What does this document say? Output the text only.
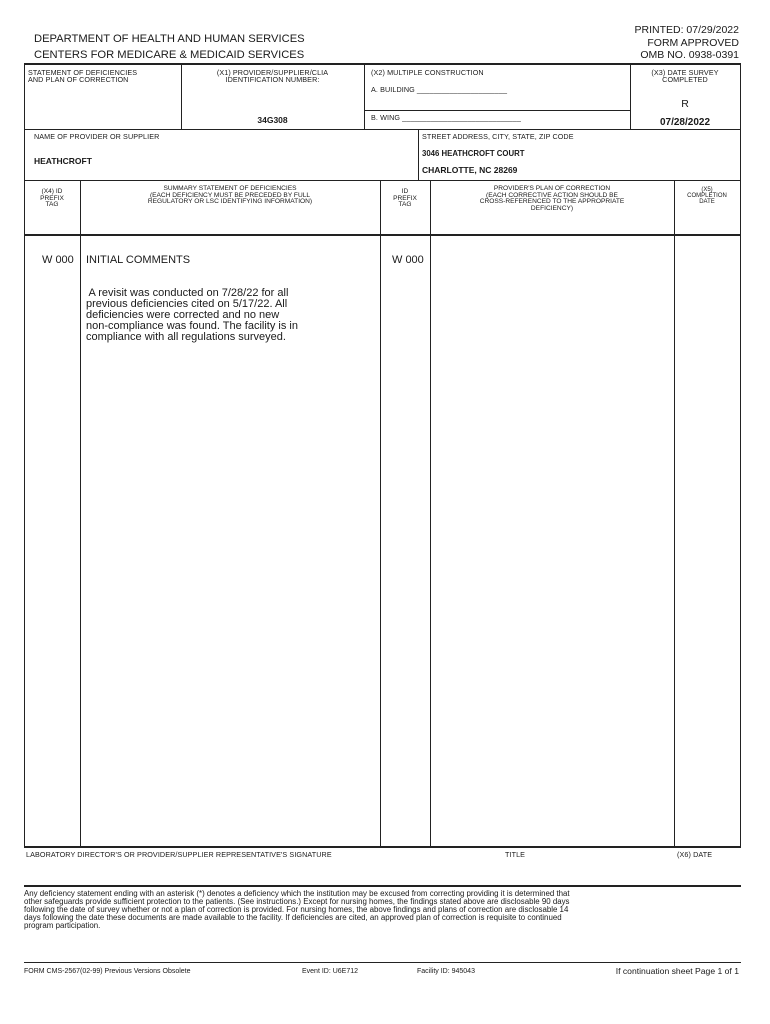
DEPARTMENT OF HEALTH AND HUMAN SERVICES
CENTERS FOR MEDICARE & MEDICAID SERVICES
PRINTED: 07/29/2022
FORM APPROVED
OMB NO. 0938-0391
STATEMENT OF DEFICIENCIES
AND PLAN OF CORRECTION
(X1) PROVIDER/SUPPLIER/CLIA
IDENTIFICATION NUMBER:
34G308
(X2) MULTIPLE CONSTRUCTION
A. BUILDING ______________________
B. WING _____________________________
(X3) DATE SURVEY
COMPLETED
R
07/28/2022
NAME OF PROVIDER OR SUPPLIER
HEATHCROFT
STREET ADDRESS, CITY, STATE, ZIP CODE
3046 HEATHCROFT COURT
CHARLOTTE, NC 28269
(X4) ID
PREFIX
TAG
SUMMARY STATEMENT OF DEFICIENCIES
(EACH DEFICIENCY MUST BE PRECEDED BY FULL
REGULATORY OR LSC IDENTIFYING INFORMATION)
ID
PREFIX
TAG
PROVIDER'S PLAN OF CORRECTION
(EACH CORRECTIVE ACTION SHOULD BE
CROSS-REFERENCED TO THE APPROPRIATE
DEFICIENCY)
(X5)
COMPLETION
DATE
W 000 INITIAL COMMENTS	W 000
A revisit was conducted on 7/28/22 for all
previous deficiencies cited on 5/17/22. All
deficiencies were corrected and no new
non-compliance was found. The facility is in
compliance with all regulations surveyed.
LABORATORY DIRECTOR'S OR PROVIDER/SUPPLIER REPRESENTATIVE'S SIGNATURE	TITLE	(X6) DATE
Any deficiency statement ending with an asterisk (*) denotes a deficiency which the institution may be excused from correcting providing it is determined that
other safeguards provide sufficient protection to the patients. (See instructions.) Except for nursing homes, the findings stated above are disclosable 90 days
following the date of survey whether or not a plan of correction is provided. For nursing homes, the above findings and plans of correction are disclosable 14
days following the date these documents are made available to the facility. If deficiencies are cited, an approved plan of correction is requisite to continued
program participation.
FORM CMS-2567(02-99) Previous Versions Obsolete	Event ID: U6E712	Facility ID: 945043	If continuation sheet Page 1 of 1
